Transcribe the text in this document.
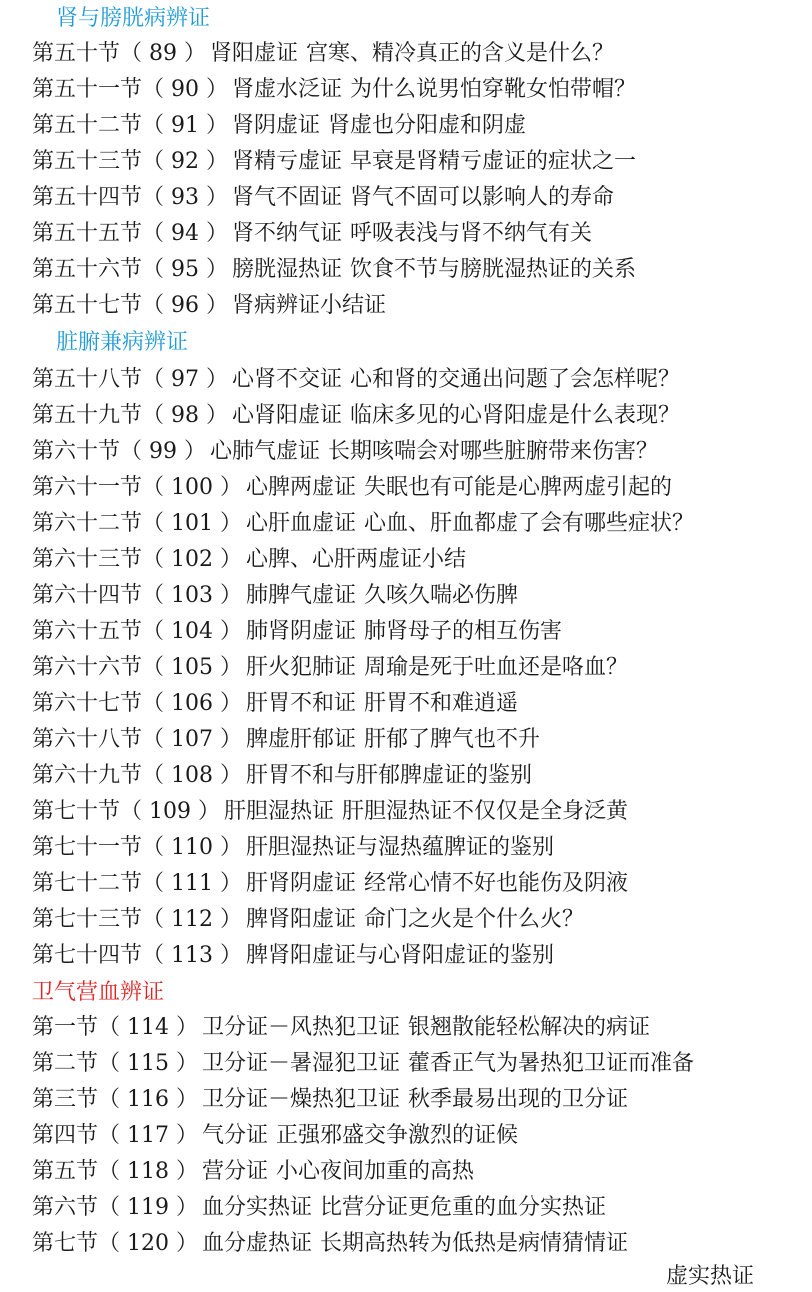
肾与膀胱病辨证
第五十节（ 89 ） 肾阳虚证 宫寒、精冷真正的含义是什么？
第五十一节（ 90 ） 肾虚水泛证 为什么说男怕穿靴女怕带帽？
第五十二节（ 91 ） 肾阴虚证 肾虚也分阳虚和阴虚
第五十三节（ 92 ） 肾精亏虚证 早衰是肾精亏虚证的症状之一
第五十四节（ 93 ） 肾气不固证 肾气不固可以影响人的寿命
第五十五节（ 94 ） 肾不纳气证 呼吸表浅与肾不纳气有关
第五十六节（ 95 ） 膀胱湿热证 饮食不节与膀胱湿热证的关系
第五十七节（ 96 ） 肾病辨证小结证
脏腑兼病辨证
第五十八节（ 97 ） 心肾不交证 心和肾的交通出问题了会怎样呢？
第五十九节（ 98 ） 心肾阳虚证 临床多见的心肾阳虚是什么表现？
第六十节（ 99 ） 心肺气虚证 长期咳喘会对哪些脏腑带来伤害？
第六十一节（ 100 ） 心脾两虚证 失眠也有可能是心脾两虚引起的
第六十二节（ 101 ） 心肝血虚证 心血、肝血都虚了会有哪些症状？
第六十三节（ 102 ） 心脾、心肝两虚证小结
第六十四节（ 103 ） 肺脾气虚证 久咳久喘必伤脾
第六十五节（ 104 ） 肺肾阴虚证 肺肾母子的相互伤害
第六十六节（ 105 ） 肝火犯肺证 周瑜是死于吐血还是咯血？
第六十七节（ 106 ） 肝胃不和证 肝胃不和难逍遥
第六十八节（ 107 ） 脾虚肝郁证 肝郁了脾气也不升
第六十九节（ 108 ） 肝胃不和与肝郁脾虚证的鉴别
第七十节（ 109 ） 肝胆湿热证 肝胆湿热证不仅仅是全身泛黄
第七十一节（ 110 ） 肝胆湿热证与湿热蕴脾证的鉴别
第七十二节（ 111 ） 肝肾阴虚证 经常心情不好也能伤及阴液
第七十三节（ 112 ） 脾肾阳虚证 命门之火是个什么火？
第七十四节（ 113 ） 脾肾阳虚证与心肾阳虚证的鉴别
卫气营血辨证
第一节（ 114 ） 卫分证－风热犯卫证 银翘散能轻松解决的病证
第二节（ 115 ） 卫分证－暑湿犯卫证 藿香正气为暑热犯卫证而准备
第三节（ 116 ） 卫分证－燥热犯卫证 秋季最易出现的卫分证
第四节（ 117 ） 气分证 正强邪盛交争激烈的证候
第五节（ 118 ） 营分证 小心夜间加重的高热
第六节（ 119 ） 血分实热证 比营分证更危重的血分实热证
第七节（ 120 ） 血分虚热证 长期高热转为低热是病情猜情证
虚实热证
